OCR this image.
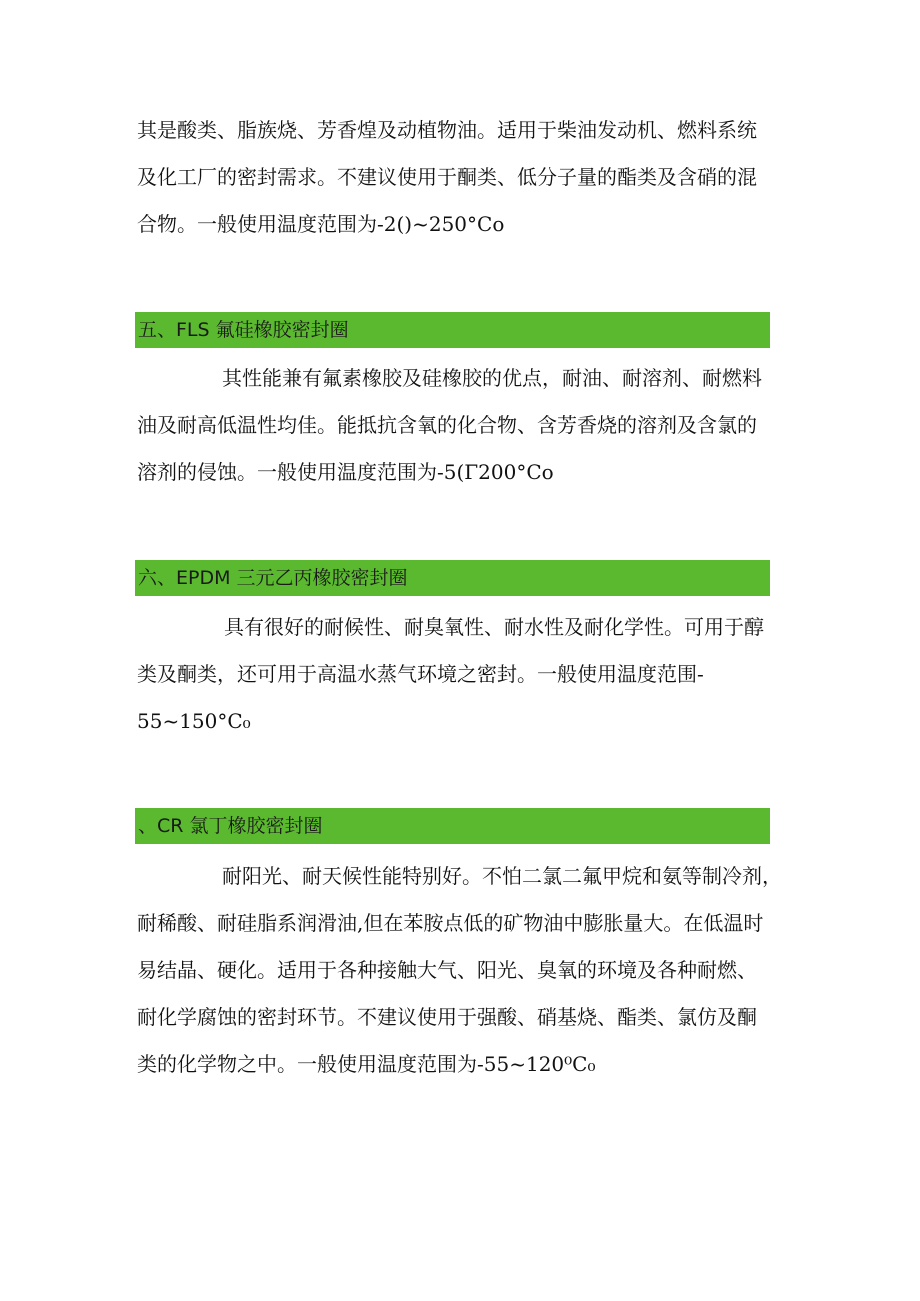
其是酸类、脂族烧、芳香煌及动植物油。适用于柴油发动机、燃料系统
及化工厂的密封需求。不建议使用于酮类、低分子量的酯类及含硝的混
合物。一般使用温度范围为-2()~250°Co

五、FLS 氟硅橡胶密封圈

其性能兼有氟素橡胶及硅橡胶的优点，耐油、耐溶剂、耐燃料
油及耐高低温性均佳。能抵抗含氧的化合物、含芳香烧的溶剂及含氯的
溶剂的侵蚀。一般使用温度范围为-5(Γ200°Co

六、EPDM 三元乙丙橡胶密封圈

具有很好的耐候性、耐臭氧性、耐水性及耐化学性。可用于醇
类及酮类，还可用于高温水蒸气环境之密封。一般使用温度范围-
55~150°C₀

、CR 氯丁橡胶密封圈

耐阳光、耐天候性能特别好。不怕二氯二氟甲烷和氨等制冷剂，
耐稀酸、耐硅脂系润滑油,但在苯胺点低的矿物油中膨胀量大。在低温时
易结晶、硬化。适用于各种接触大气、阳光、臭氧的环境及各种耐燃、
耐化学腐蚀的密封环节。不建议使用于强酸、硝基烧、酯类、氯仿及酮
类的化学物之中。一般使用温度范围为-55~120⁰C₀
